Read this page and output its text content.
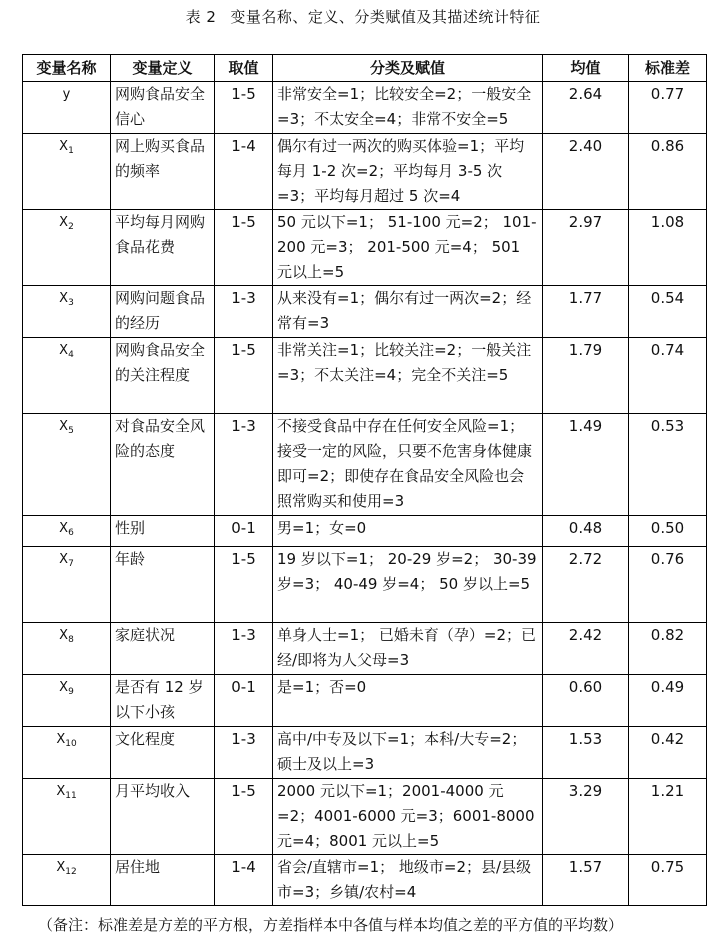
表 2 变量名称、定义、分类赋值及其描述统计特征
变量名称	变量定义	取值	分类及赋值	均值	标准差
y	网购食品安全信心	1-5	非常安全=1；比较安全=2；一般安全=3；不太安全=4；非常不安全=5	2.64	0.77
$X_1$	网上购买食品的频率	1-4	偶尔有过一两次的购买体验=1；平均每月 1-2 次=2；平均每月 3-5 次=3；平均每月超过 5 次=4	2.40	0.86
$X_2$	平均每月网购食品花费	1-5	50 元以下=1； 51-100 元=2； 101-200 元=3； 201-500 元=4； 501 元以上=5	2.97	1.08
$X_3$	网购问题食品的经历	1-3	从来没有=1；偶尔有过一两次=2；经常有=3	1.77	0.54
$X_4$	网购食品安全的关注程度	1-5	非常关注=1；比较关注=2；一般关注=3；不太关注=4；完全不关注=5	1.79	0.74
$X_5$	对食品安全风险的态度	1-3	不接受食品中存在任何安全风险=1；接受一定的风险，只要不危害身体健康即可=2；即使存在食品安全风险也会照常购买和使用=3	1.49	0.53
$X_6$	性别	0-1	男=1；女=0	0.48	0.50
$X_7$	年龄	1-5	19 岁以下=1； 20-29 岁=2； 30-39 岁=3； 40-49 岁=4； 50 岁以上=5	2.72	0.76
$X_8$	家庭状况	1-3	单身人士=1； 已婚未育（孕）=2；已经/即将为人父母=3	2.42	0.82
$X_9$	是否有 12 岁以下小孩	0-1	是=1；否=0	0.60	0.49
$X_{10}$	文化程度	1-3	高中/中专及以下=1；本科/大专=2；硕士及以上=3	1.53	0.42
$X_{11}$	月平均收入	1-5	2000 元以下=1；2001-4000 元=2；4001-6000 元=3；6001-8000 元=4；8001 元以上=5	3.29	1.21
$X_{12}$	居住地	1-4	省会/直辖市=1； 地级市=2；县/县级市=3；乡镇/农村=4	1.57	0.75
（备注：标准差是方差的平方根，方差指样本中各值与样本均值之差的平方值的平均数）
